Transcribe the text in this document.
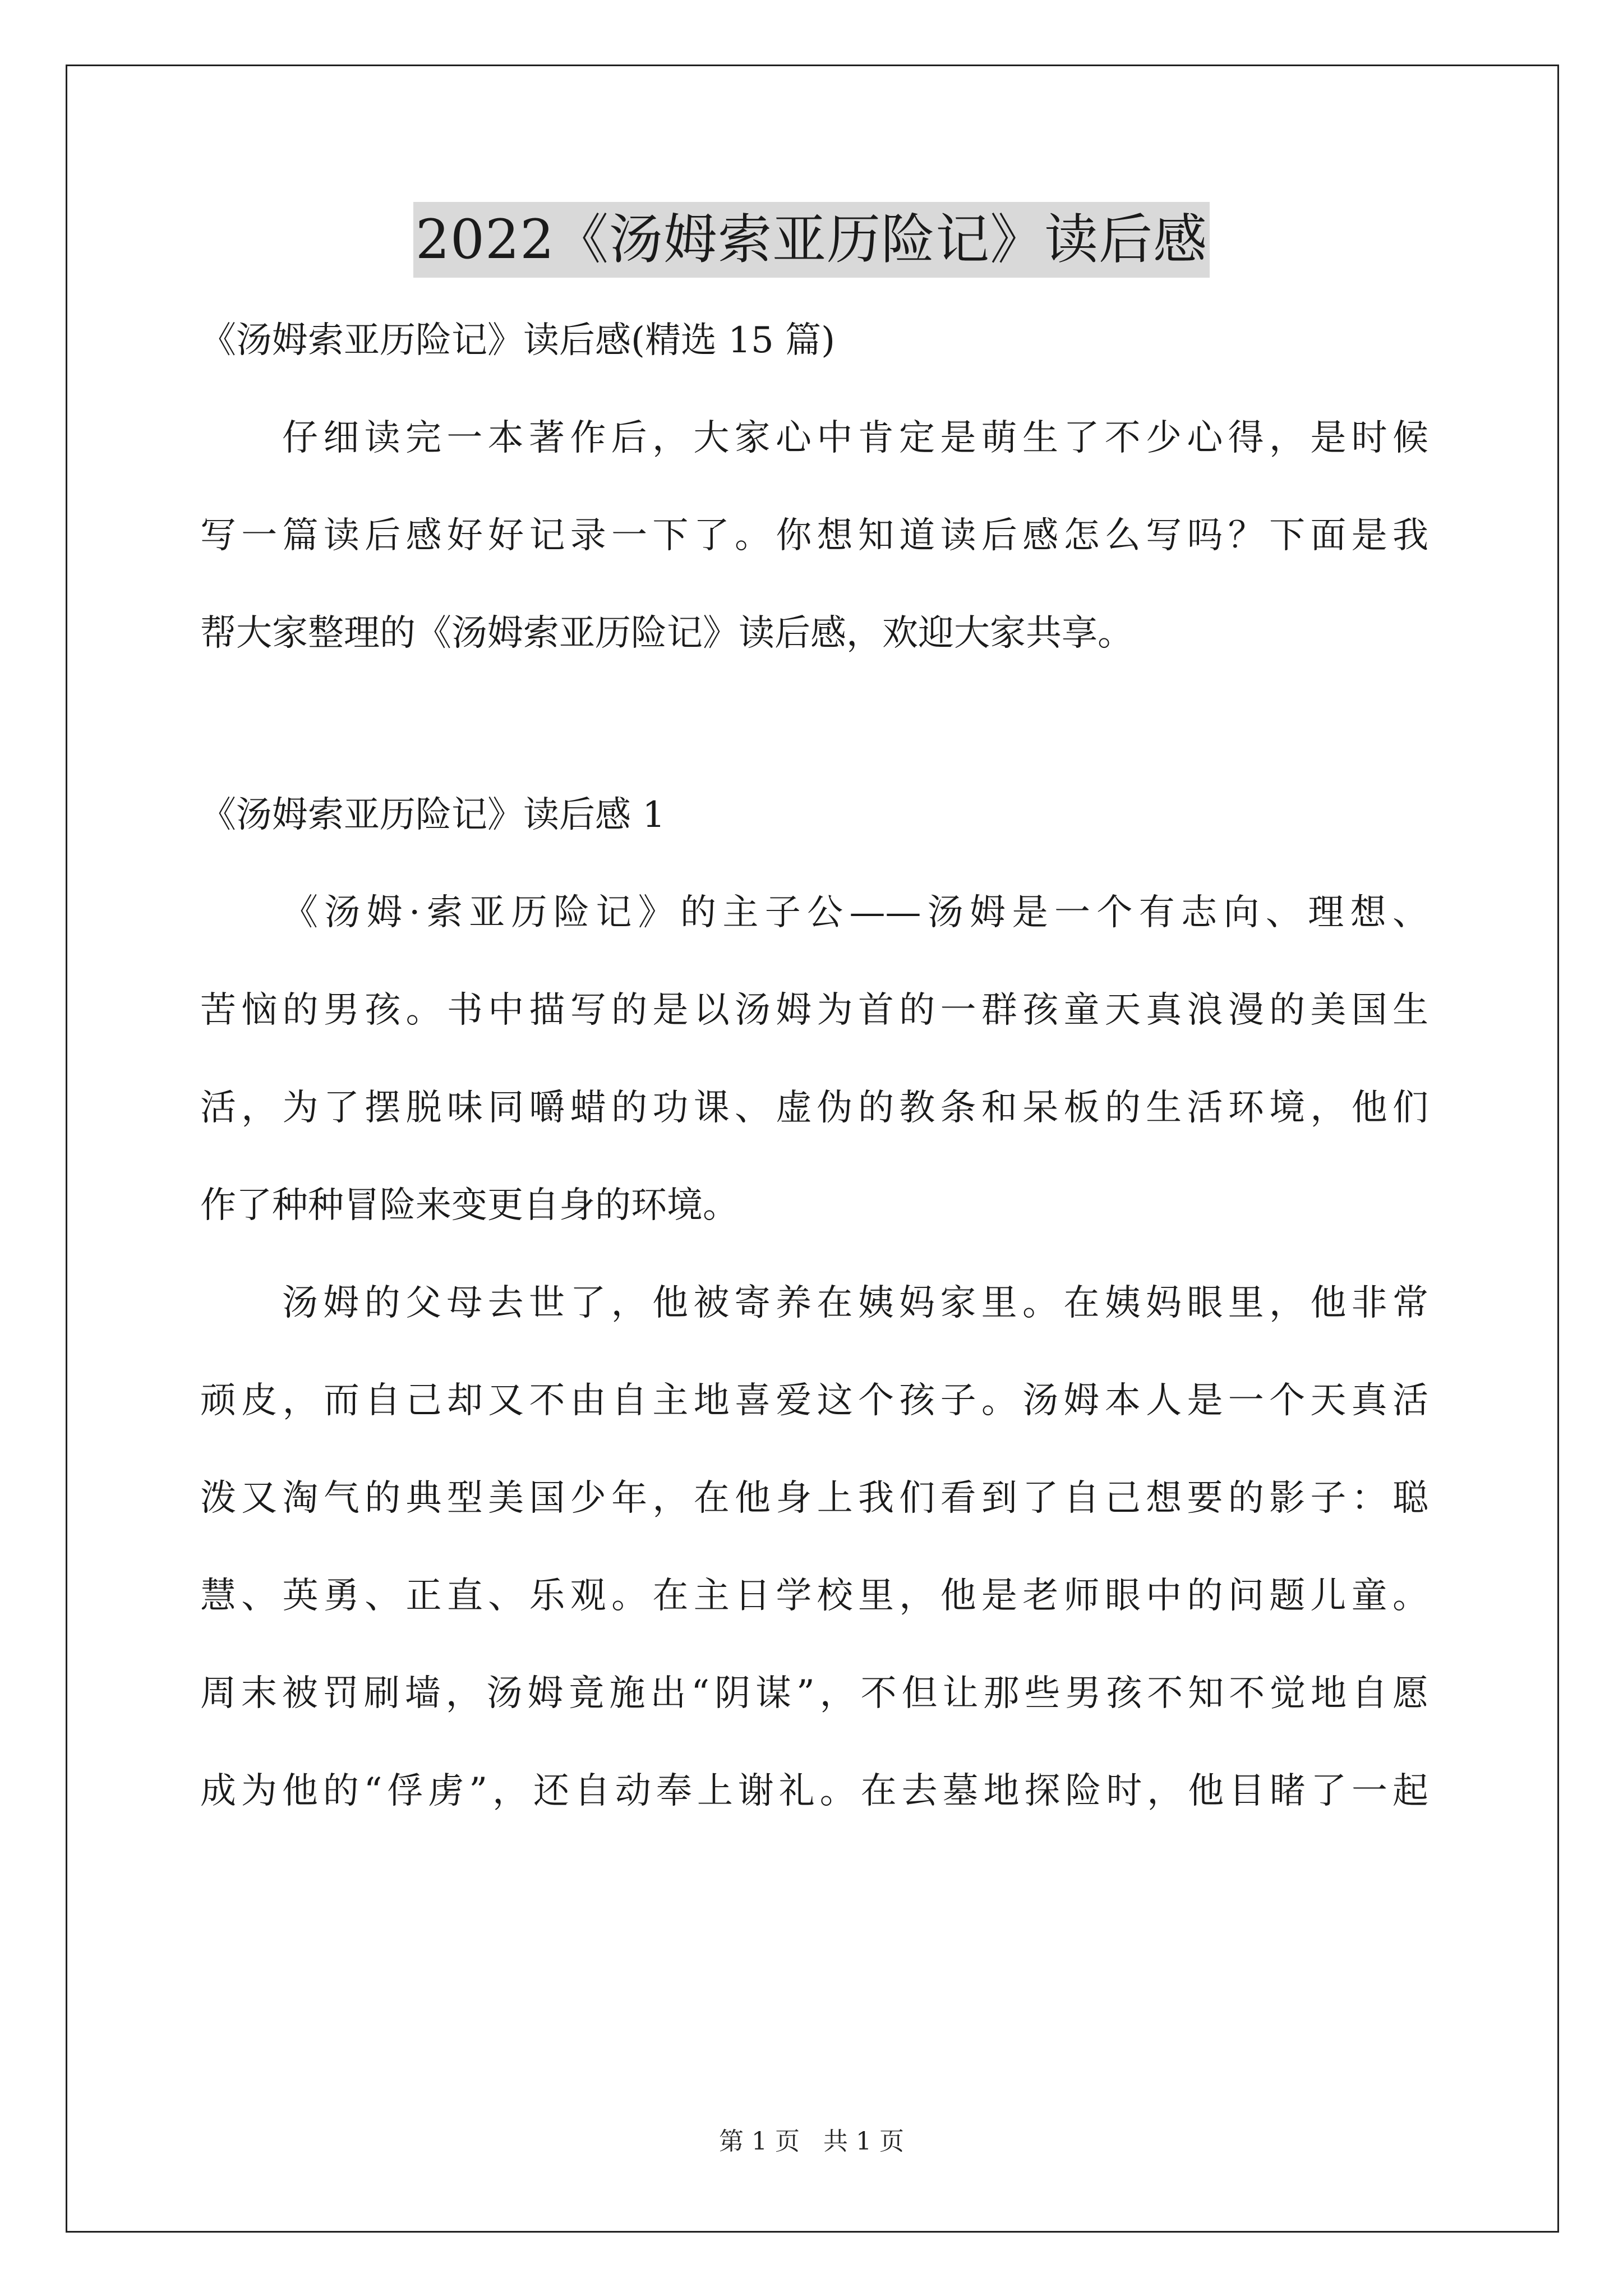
2022《汤姆索亚历险记》读后感

《汤姆索亚历险记》读后感(精选 15 篇)

仔细读完一本著作后，大家心中肯定是萌生了不少心得，是时候

写一篇读后感好好记录一下了。你想知道读后感怎么写吗？下面是我

帮大家整理的《汤姆索亚历险记》读后感，欢迎大家共享。

《汤姆索亚历险记》读后感 1

《汤姆·索亚历险记》的主子公——汤姆是一个有志向、理想、

苦恼的男孩。书中描写的是以汤姆为首的一群孩童天真浪漫的美国生

活，为了摆脱味同嚼蜡的功课、虚伪的教条和呆板的生活环境，他们

作了种种冒险来变更自身的环境。

汤姆的父母去世了，他被寄养在姨妈家里。在姨妈眼里，他非常

顽皮，而自己却又不由自主地喜爱这个孩子。汤姆本人是一个天真活

泼又淘气的典型美国少年，在他身上我们看到了自己想要的影子：聪

慧、英勇、正直、乐观。在主日学校里，他是老师眼中的问题儿童。

周末被罚刷墙，汤姆竟施出“阴谋”，不但让那些男孩不知不觉地自愿

成为他的“俘虏”，还自动奉上谢礼。在去墓地探险时，他目睹了一起

第 1 页 共 1 页
